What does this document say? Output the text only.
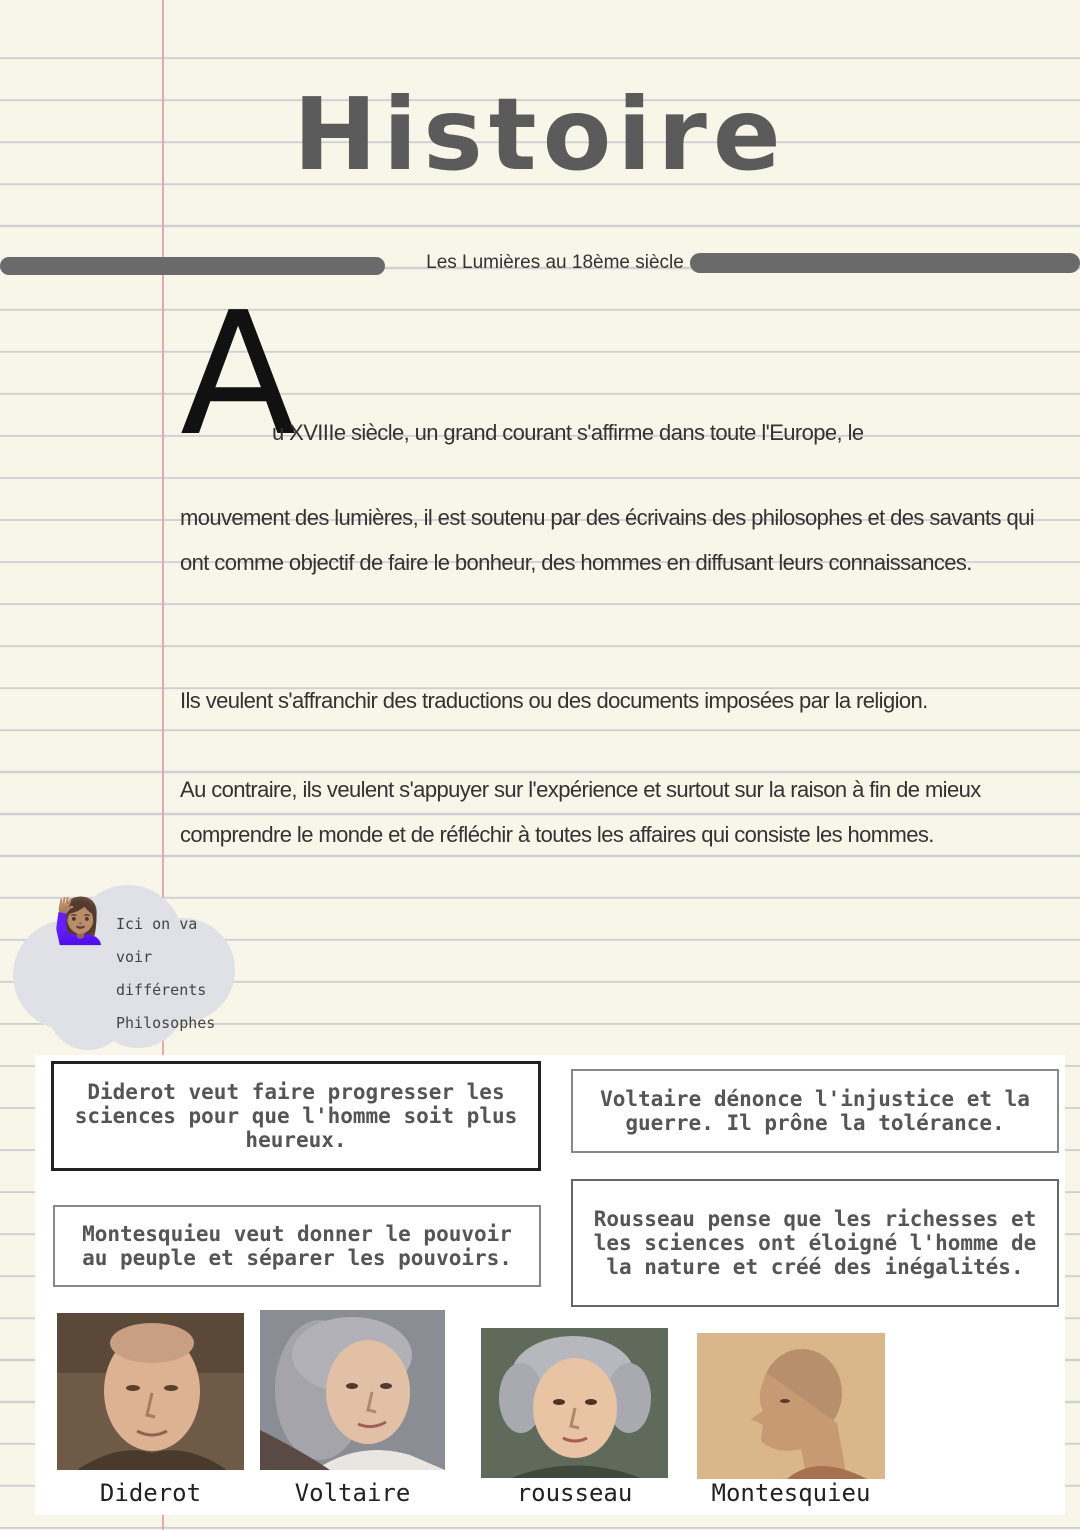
Histoire
Les Lumières au 18ème siècle
A

u XVIIIe siècle, un grand courant s'affirme dans toute l'Europe, le

mouvement des lumières, il est soutenu par des écrivains des philosophes et des savants qui ont comme objectif de faire le bonheur, des hommes en diffusant leurs connaissances.

Ils veulent s'affranchir des traductions ou des documents imposées par la religion.

Au contraire, ils veulent s'appuyer sur l'expérience et surtout sur la raison à fin de mieux comprendre le monde et de réfléchir à toutes les affaires qui consiste les hommes.

🙋🏽‍♀️ Ici on va
voir
différents
Philosophes
Diderot veut faire progresser les sciences pour que l'homme soit plus heureux.
Voltaire dénonce l'injustice et la guerre. Il prône la tolérance.
Montesquieu veut donner le pouvoir au peuple et séparer les pouvoirs.
Rousseau pense que les richesses et les sciences ont éloigné l'homme de la nature et créé des inégalités.
Diderot	Voltaire	rousseau	Montesquieu
